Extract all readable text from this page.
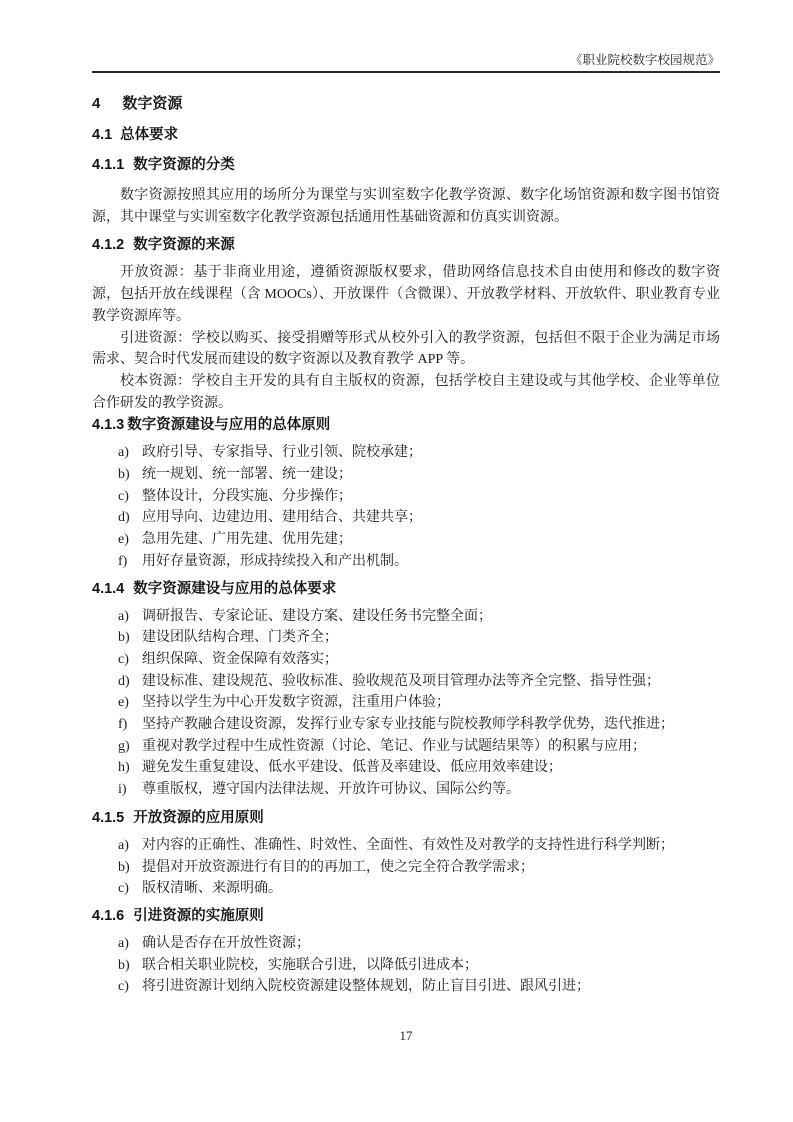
《职业院校数字校园规范》
4 数字资源
4.1 总体要求
4.1.1 数字资源的分类

数字资源按照其应用的场所分为课堂与实训室数字化教学资源、数字化场馆资源和数字图书馆资源，其中课堂与实训室数字化教学资源包括通用性基础资源和仿真实训资源。

4.1.2 数字资源的来源

开放资源：基于非商业用途，遵循资源版权要求，借助网络信息技术自由使用和修改的数字资源，包括开放在线课程（含 MOOCs）、开放课件（含微课）、开放教学材料、开放软件、职业教育专业教学资源库等。

引进资源：学校以购买、接受捐赠等形式从校外引入的教学资源，包括但不限于企业为满足市场需求、契合时代发展而建设的数字资源以及教育教学 APP 等。

校本资源：学校自主开发的具有自主版权的资源，包括学校自主建设或与其他学校、企业等单位合作研发的教学资源。

4.1.3 数字资源建设与应用的总体原则
a) 政府引导、专家指导、行业引领、院校承建；
b) 统一规划、统一部署、统一建设；
c) 整体设计，分段实施、分步操作；
d) 应用导向、边建边用、建用结合、共建共享；
e) 急用先建、广用先建、优用先建；
f)	用好存量资源，形成持续投入和产出机制。
4.1.4 数字资源建设与应用的总体要求
a) 调研报告、专家论证、建设方案、建设任务书完整全面；
b) 建设团队结构合理、门类齐全；
c) 组织保障、资金保障有效落实；
d) 建设标准、建设规范、验收标准、验收规范及项目管理办法等齐全完整、指导性强；
e) 坚持以学生为中心开发数字资源，注重用户体验；
f)	坚持产教融合建设资源，发挥行业专家专业技能与院校教师学科教学优势，迭代推进；
g) 重视对教学过程中生成性资源（讨论、笔记、作业与试题结果等）的积累与应用；
h) 避免发生重复建设、低水平建设、低普及率建设、低应用效率建设；
i)	尊重版权，遵守国内法律法规、开放许可协议、国际公约等。
4.1.5 开放资源的应用原则
a) 对内容的正确性、准确性、时效性、全面性、有效性及对教学的支持性进行科学判断；
b) 提倡对开放资源进行有目的的再加工，使之完全符合教学需求；
c) 版权清晰、来源明确。
4.1.6 引进资源的实施原则
a) 确认是否存在开放性资源；
b) 联合相关职业院校，实施联合引进，以降低引进成本；
c) 将引进资源计划纳入院校资源建设整体规划，防止盲目引进、跟风引进；
17
